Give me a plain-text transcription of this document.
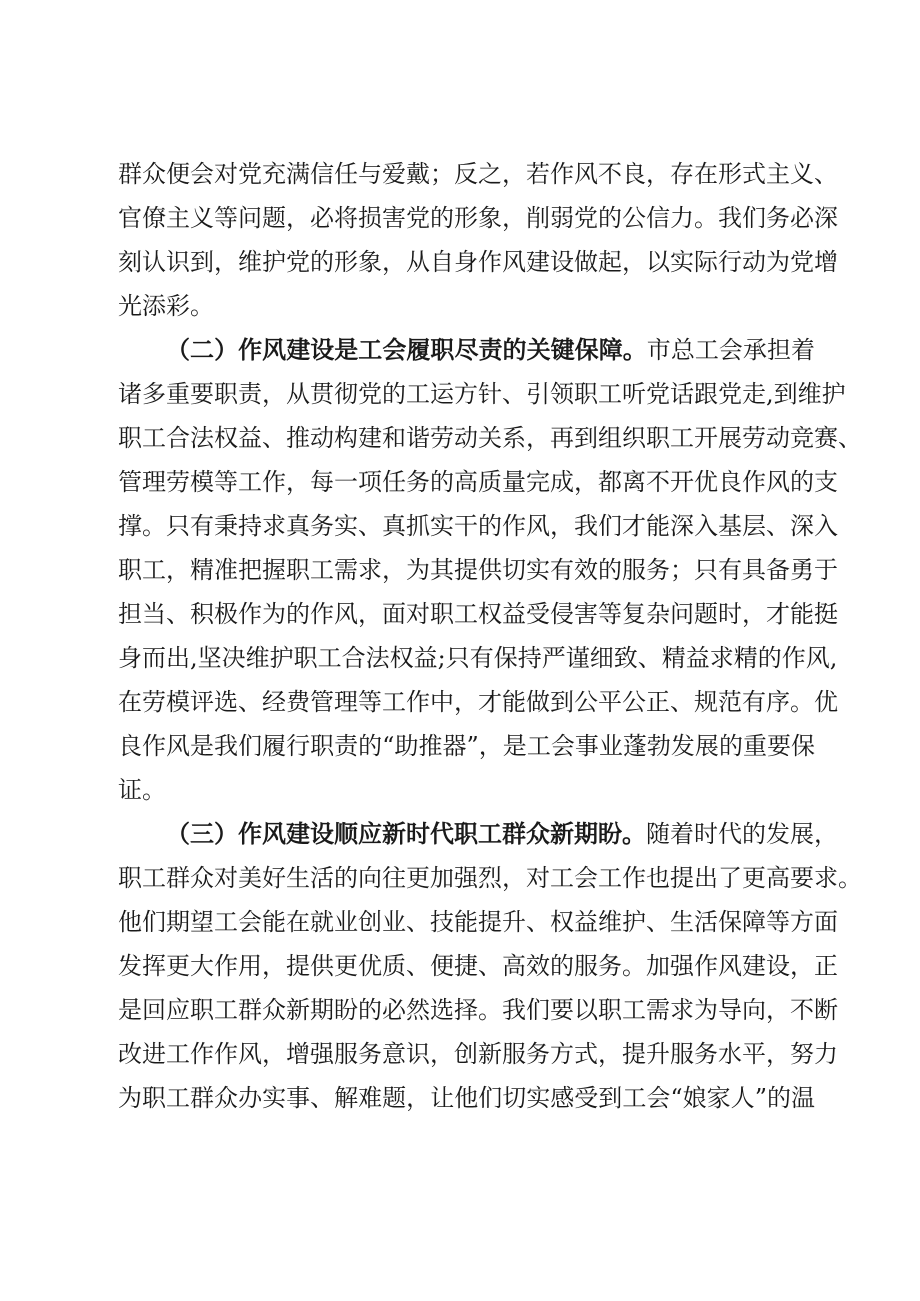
群众便会对党充满信任与爱戴；反之，若作风不良，存在形式主义、
官僚主义等问题，必将损害党的形象，削弱党的公信力。我们务必深
刻认识到，维护党的形象，从自身作风建设做起，以实际行动为党增
光添彩。
（二）作风建设是工会履职尽责的关键保障。市总工会承担着
诸多重要职责，从贯彻党的工运方针、引领职工听党话跟党走,到维护
职工合法权益、推动构建和谐劳动关系，再到组织职工开展劳动竞赛、
管理劳模等工作，每一项任务的高质量完成，都离不开优良作风的支
撑。只有秉持求真务实、真抓实干的作风，我们才能深入基层、深入
职工，精准把握职工需求，为其提供切实有效的服务；只有具备勇于
担当、积极作为的作风，面对职工权益受侵害等复杂问题时，才能挺
身而出,坚决维护职工合法权益;只有保持严谨细致、精益求精的作风,
在劳模评选、经费管理等工作中，才能做到公平公正、规范有序。优
良作风是我们履行职责的“助推器”，是工会事业蓬勃发展的重要保
证。
（三）作风建设顺应新时代职工群众新期盼。随着时代的发展，
职工群众对美好生活的向往更加强烈，对工会工作也提出了更高要求。
他们期望工会能在就业创业、技能提升、权益维护、生活保障等方面
发挥更大作用，提供更优质、便捷、高效的服务。加强作风建设，正
是回应职工群众新期盼的必然选择。我们要以职工需求为导向，不断
改进工作作风，增强服务意识，创新服务方式，提升服务水平，努力
为职工群众办实事、解难题，让他们切实感受到工会“娘家人”的温
